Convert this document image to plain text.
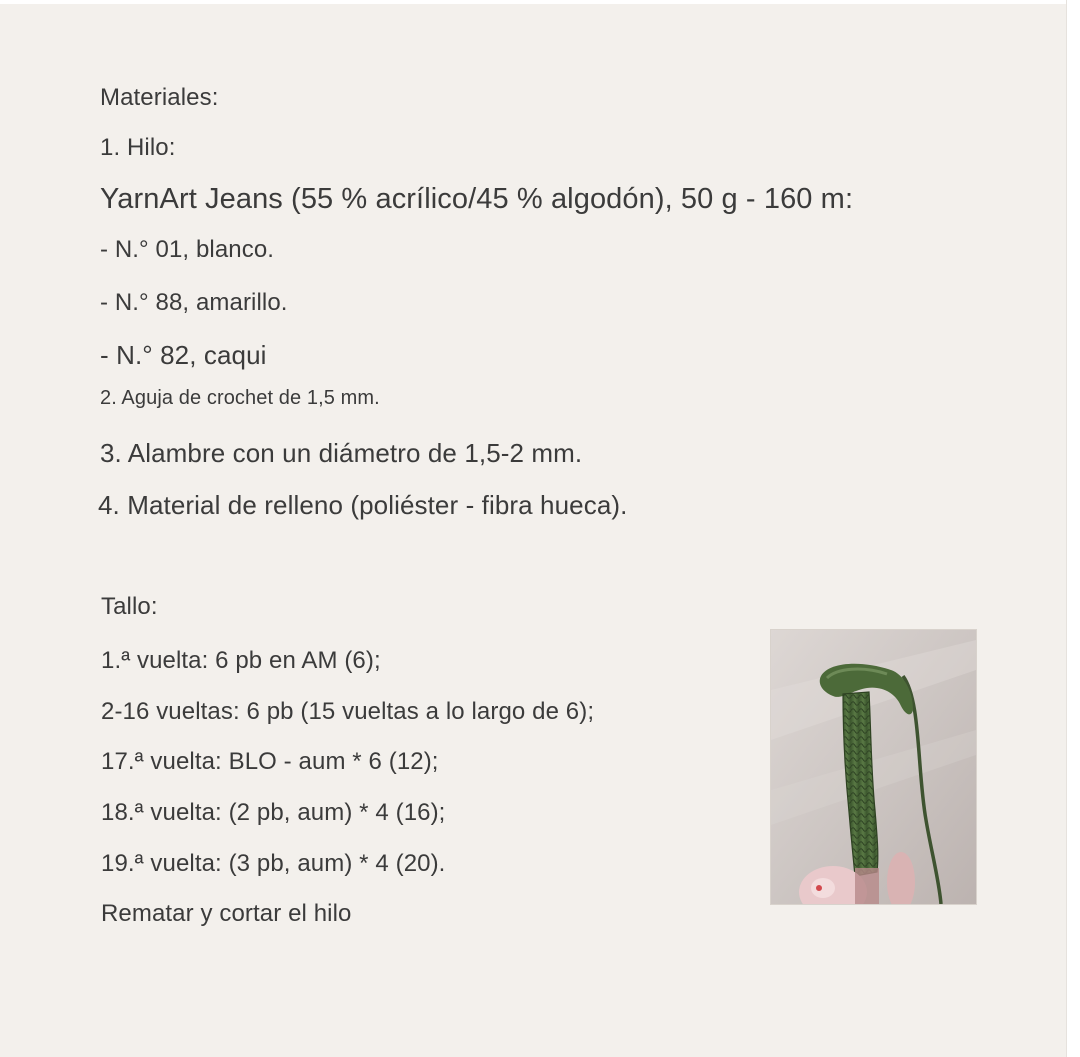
Materiales:
1. Hilo:
YarnArt Jeans (55 % acrílico/45 % algodón), 50 g - 160 m:
- N.° 01, blanco.
- N.° 88, amarillo.
- N.° 82, caqui
2. Aguja de crochet de 1,5 mm.
3. Alambre con un diámetro de 1,5-2 mm.
4. Material de relleno (poliéster - fibra hueca).
Tallo:
1.ª vuelta: 6 pb en AM (6);
2-16 vueltas: 6 pb (15 vueltas a lo largo de 6);
17.ª vuelta: BLO - aum * 6 (12);
18.ª vuelta: (2 pb, aum) * 4 (16);
19.ª vuelta: (3 pb, aum) * 4 (20).
Rematar y cortar el hilo
